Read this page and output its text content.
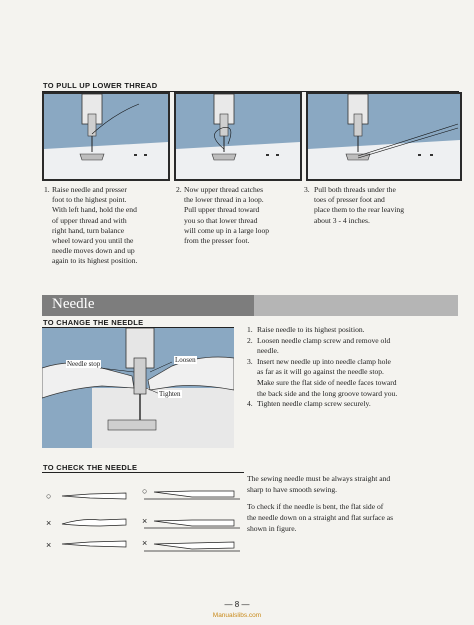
TO PULL UP LOWER THREAD
1. Raise needle and presser
foot to the highest point.
With left hand, hold the end
of upper thread and with
right hand, turn balance
wheel toward you until the
needle moves down and up
again to its highest position.
2. Now upper thread catches
the lower thread in a loop.
Pull upper thread toward
you so that lower thread
will come up in a large loop
from the presser foot.
3. Pull both threads under the
toes of presser foot and
place them to the rear leaving
about 3 - 4 inches.
Needle
TO CHANGE THE NEEDLE
Needle stop	Loosen
Tighten
1. Raise needle to its highest position.
2. Loosen needle clamp screw and remove old
needle.
3. Insert new needle up into needle clamp hole
as far as it will go against the needle stop.
Make sure the flat side of needle faces toward
the back side and the long groove toward you.
4. Tighten needle clamp screw securely.
TO CHECK THE NEEDLE
○
×
×
○
×
×
The sewing needle must be always straight and
sharp to have smooth sewing.
To check if the needle is bent, the flat side of
the needle down on a straight and flat surface as
shown in figure.
— 8 —
Manualslibs.com
